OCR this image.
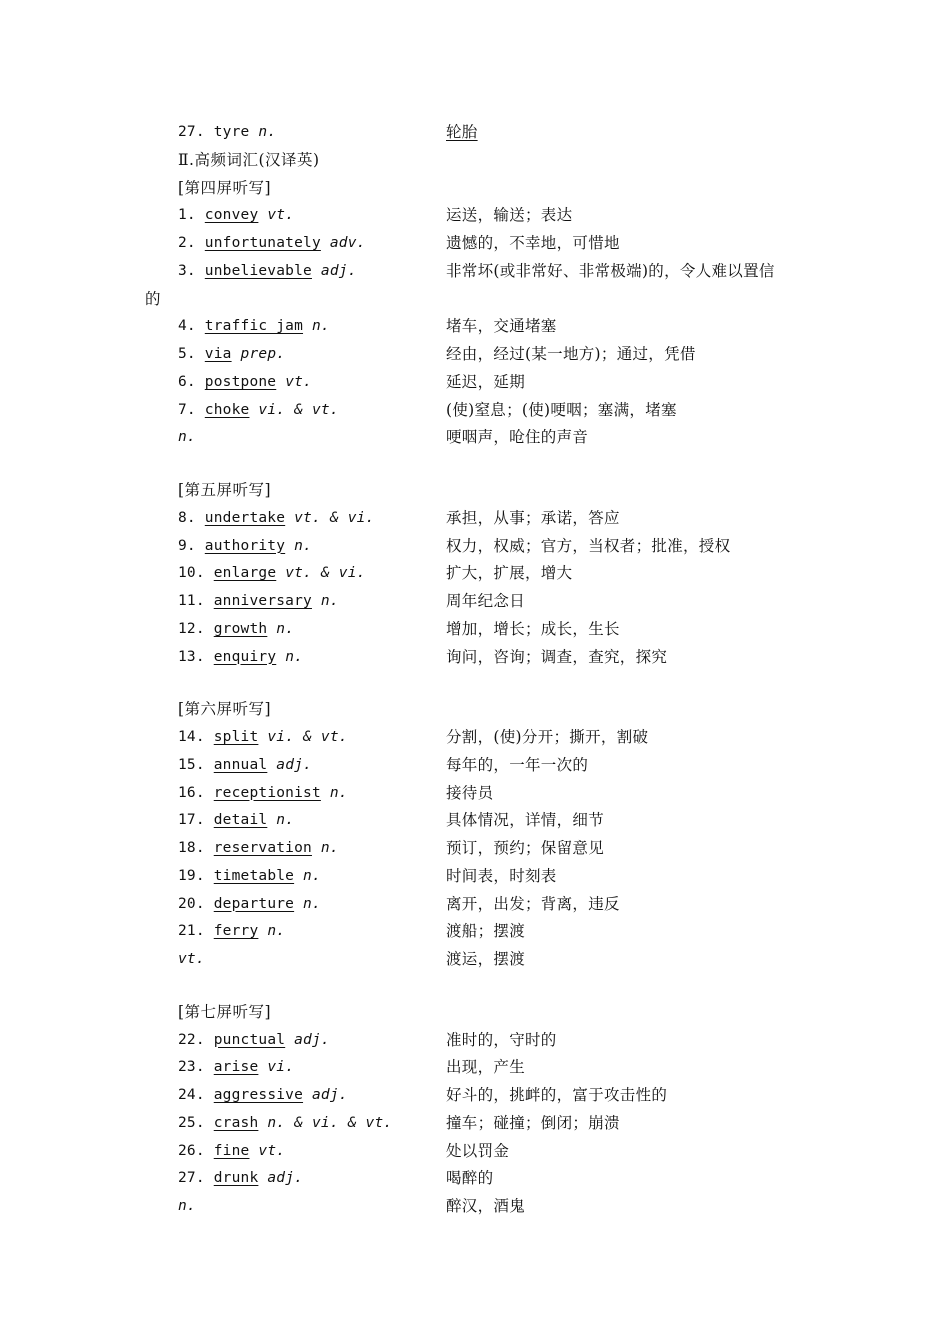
27. tyre n.	轮胎
Ⅱ.高频词汇(汉译英)
[第四屏听写]
1. convey vt.	运送，输送；表达
2. unfortunately adv.	遗憾的，不幸地，可惜地
3. unbelievable adj.	非常坏(或非常好、非常极端)的，令人难以置信
的
4. traffic jam n.	堵车，交通堵塞
5. via prep.	经由，经过(某一地方)；通过，凭借
6. postpone vt.	延迟，延期
7. choke vi. & vt.	(使)窒息；(使)哽咽；塞满，堵塞
n.	哽咽声，呛住的声音
[第五屏听写]
8. undertake vt. & vi.	承担，从事；承诺，答应
9. authority n.	权力，权威；官方，当权者；批准，授权
10. enlarge vt. & vi.	扩大，扩展，增大
11. anniversary n.	周年纪念日
12. growth n.	增加，增长；成长，生长
13. enquiry n.	询问，咨询；调查，查究，探究
[第六屏听写]
14. split vi. & vt.	分割，(使)分开；撕开，割破
15. annual adj.	每年的，一年一次的
16. receptionist n.	接待员
17. detail n.	具体情况，详情，细节
18. reservation n.	预订，预约；保留意见
19. timetable n.	时间表，时刻表
20. departure n.	离开，出发；背离，违反
21. ferry n.	渡船；摆渡
vt.	渡运，摆渡
[第七屏听写]
22. punctual adj.	准时的，守时的
23. arise vi.	出现，产生
24. aggressive adj.	好斗的，挑衅的，富于攻击性的
25. crash n. & vi. & vt.	撞车；碰撞；倒闭；崩溃
26. fine vt.	处以罚金
27. drunk adj.	喝醉的
n.	醉汉，酒鬼
